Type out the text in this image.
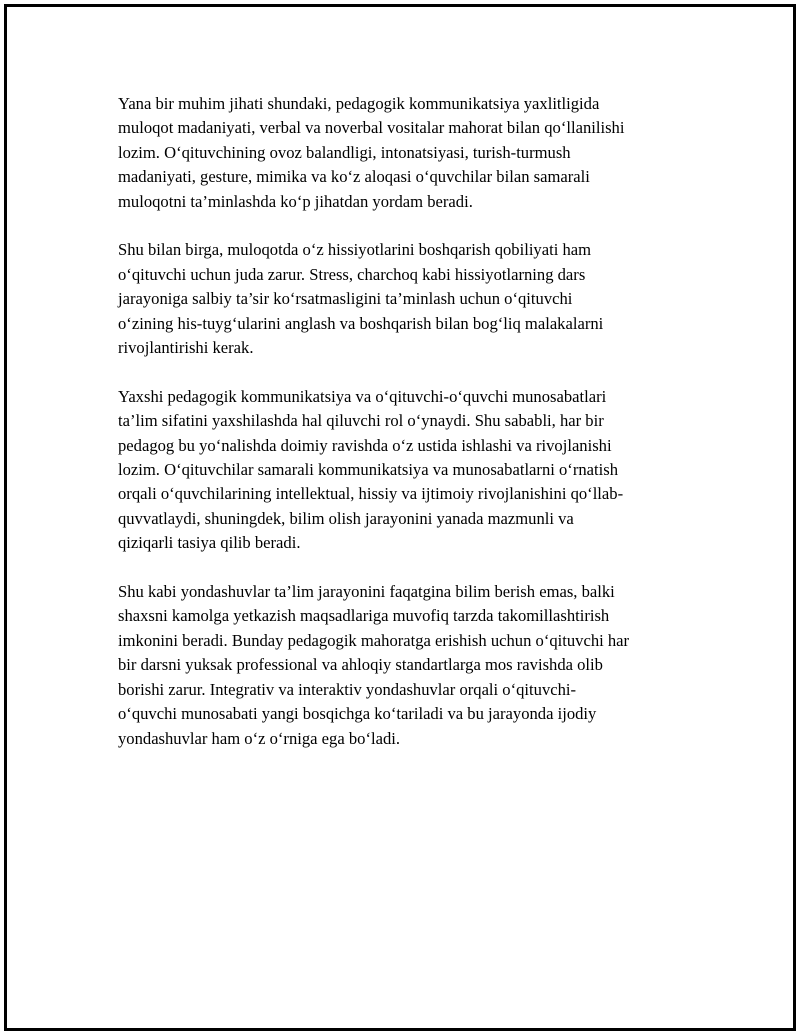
Yana bir muhim jihati shundaki, pedagogik kommunikatsiya yaxlitligida
muloqot madaniyati, verbal va noverbal vositalar mahorat bilan qo‘llanilishi
lozim. O‘qituvchining ovoz balandligi, intonatsiyasi, turish-turmush
madaniyati, gesture, mimika va ko‘z aloqasi o‘quvchilar bilan samarali
muloqotni ta’minlashda ko‘p jihatdan yordam beradi.

Shu bilan birga, muloqotda o‘z hissiyotlarini boshqarish qobiliyati ham
o‘qituvchi uchun juda zarur. Stress, charchoq kabi hissiyotlarning dars
jarayoniga salbiy ta’sir ko‘rsatmasligini ta’minlash uchun o‘qituvchi
o‘zining his-tuyg‘ularini anglash va boshqarish bilan bog‘liq malakalarni
rivojlantirishi kerak.

Yaxshi pedagogik kommunikatsiya va o‘qituvchi-o‘quvchi munosabatlari
ta’lim sifatini yaxshilashda hal qiluvchi rol o‘ynaydi. Shu sababli, har bir
pedagog bu yo‘nalishda doimiy ravishda o‘z ustida ishlashi va rivojlanishi
lozim. O‘qituvchilar samarali kommunikatsiya va munosabatlarni o‘rnatish
orqali o‘quvchilarining intellektual, hissiy va ijtimoiy rivojlanishini qo‘llab-
quvvatlaydi, shuningdek, bilim olish jarayonini yanada mazmunli va
qiziqarli tasiya qilib beradi.

Shu kabi yondashuvlar ta’lim jarayonini faqatgina bilim berish emas, balki
shaxsni kamolga yetkazish maqsadlariga muvofiq tarzda takomillashtirish
imkonini beradi. Bunday pedagogik mahoratga erishish uchun o‘qituvchi har
bir darsni yuksak professional va ahloqiy standartlarga mos ravishda olib
borishi zarur. Integrativ va interaktiv yondashuvlar orqali o‘qituvchi-
o‘quvchi munosabati yangi bosqichga ko‘tariladi va bu jarayonda ijodiy
yondashuvlar ham o‘z o‘rniga ega bo‘ladi.
